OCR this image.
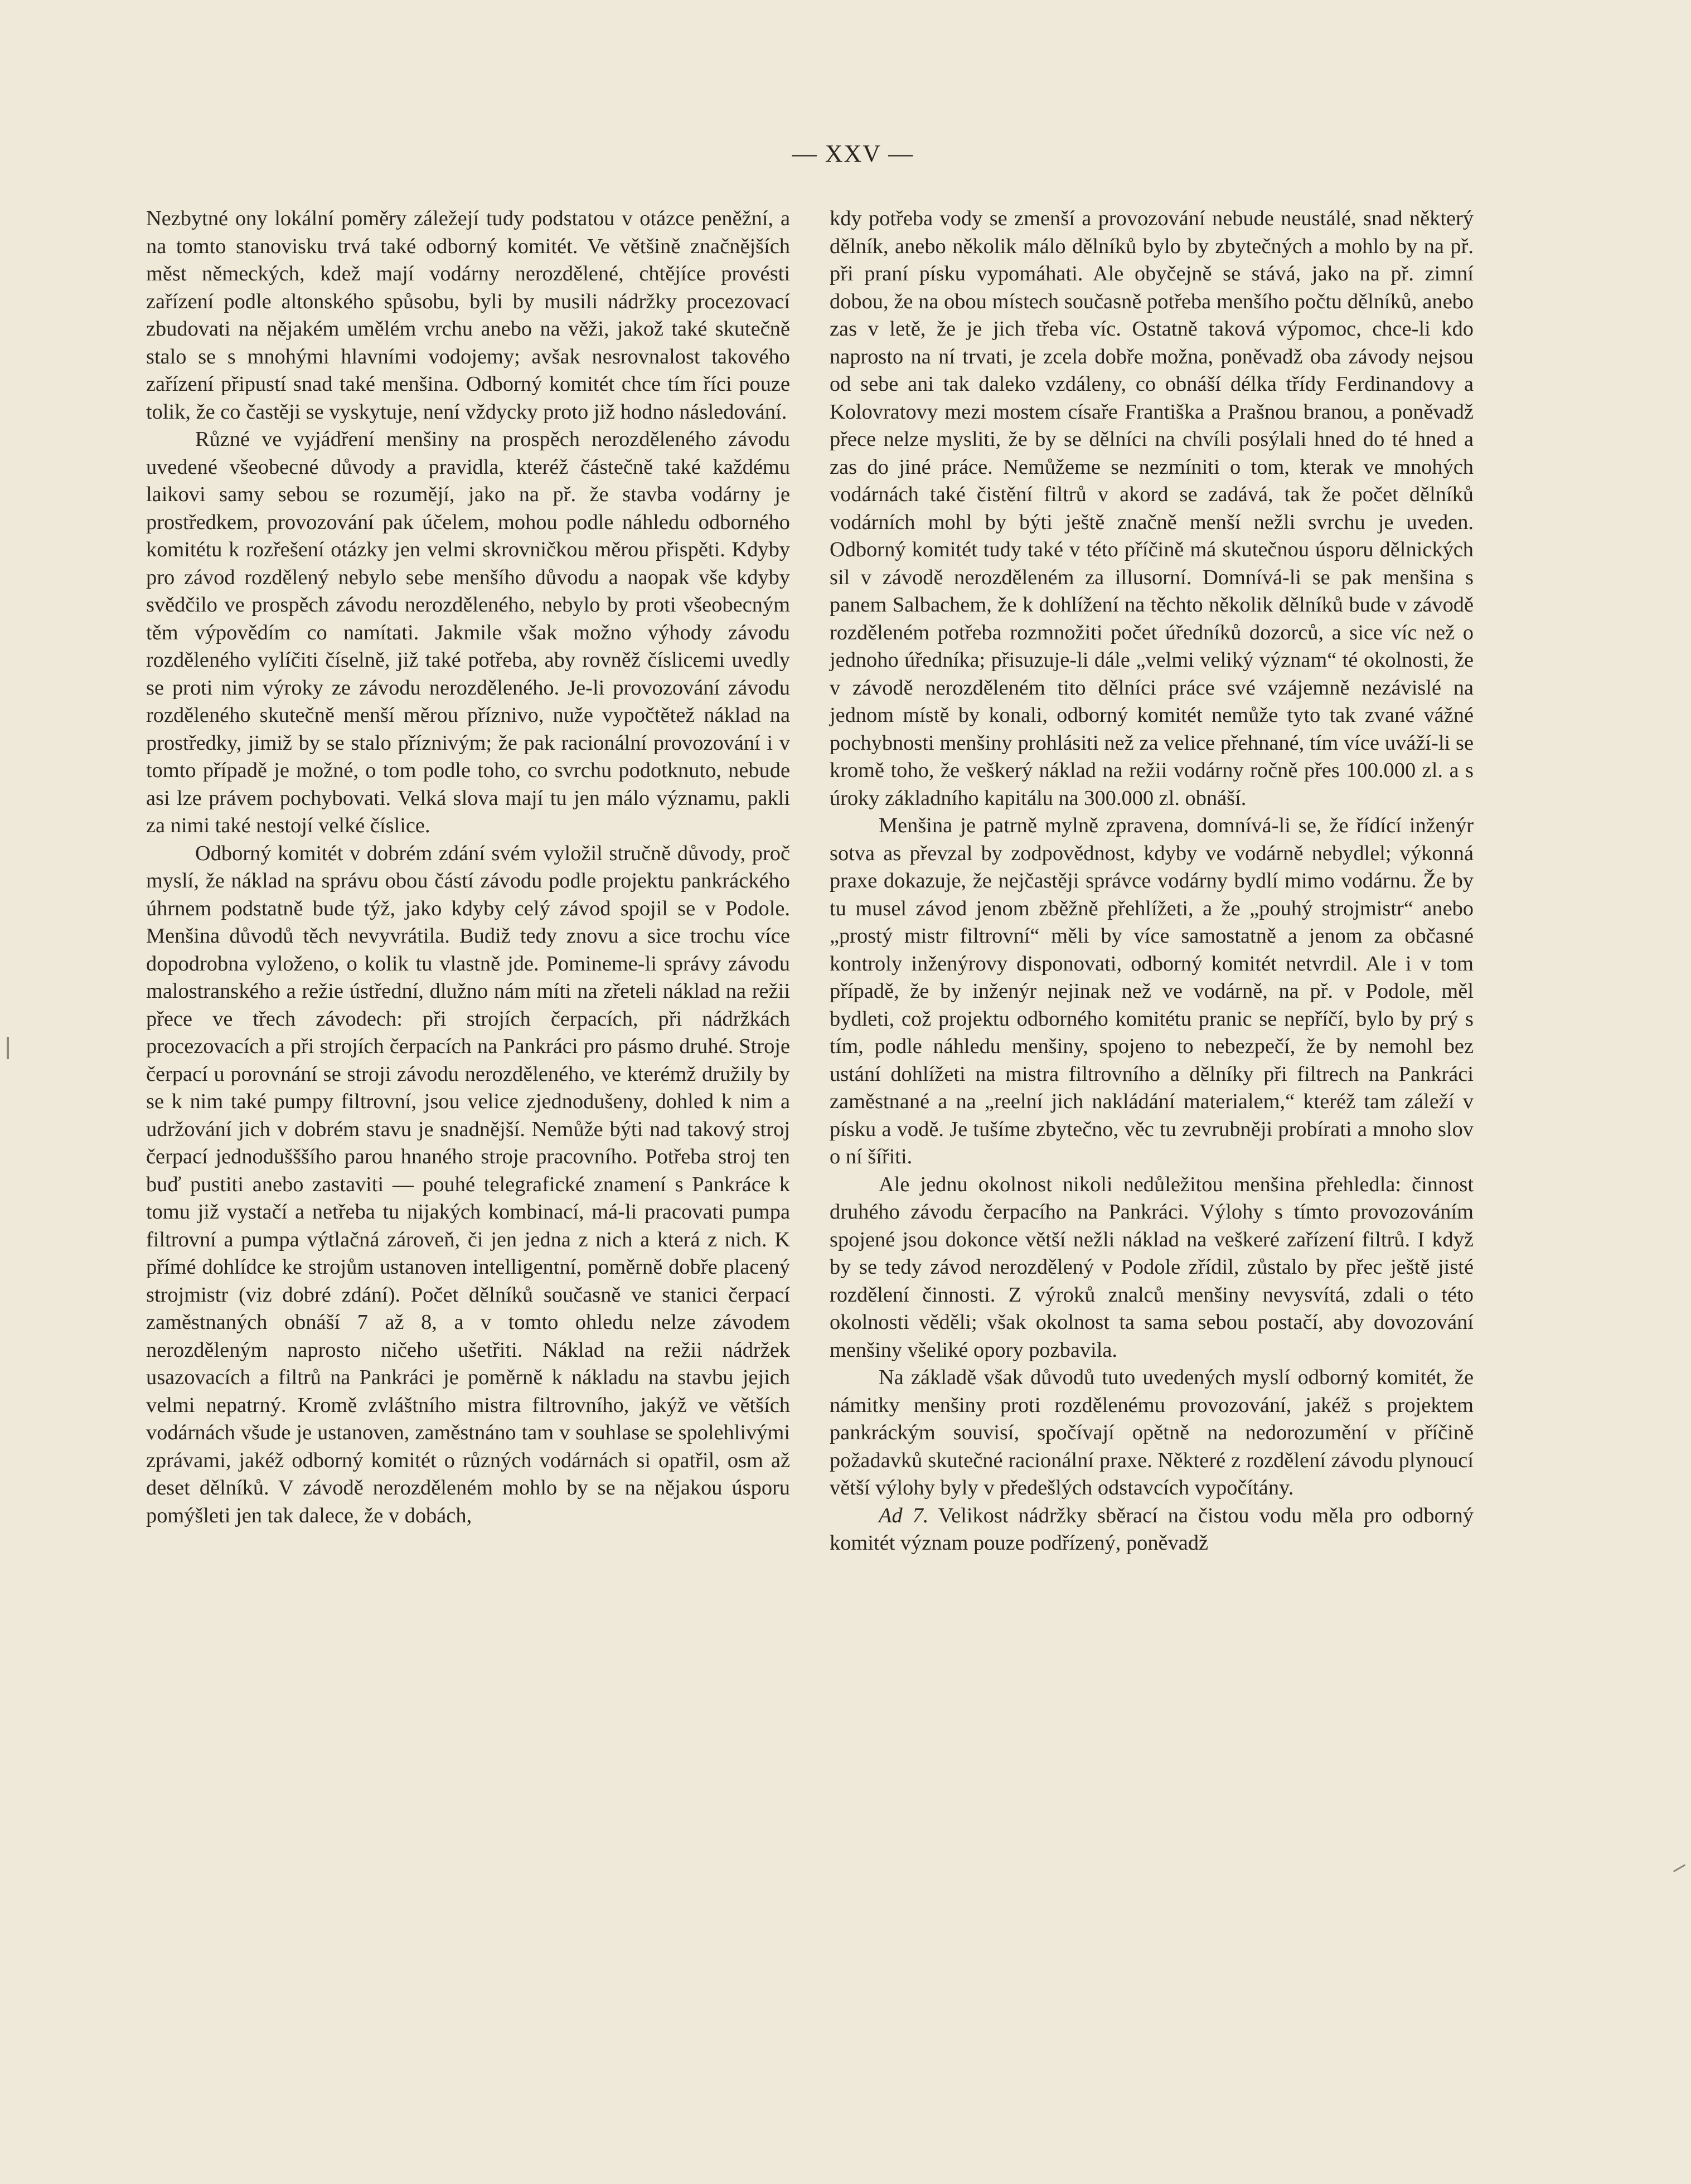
— XXV —

Nezbytné ony lokální poměry záležejí tudy podstatou v otázce peněžní, a na tomto stanovisku trvá také odborný komitét. Ve většině značnějších měst německých, kdež mají vodárny nerozdělené, chtějíce provésti zařízení podle altonského spůsobu, byli by musili nádržky procezovací zbudovati na nějakém umělém vrchu anebo na věži, jakož také skutečně stalo se s mnohými hlavními vodojemy; avšak nesrovnalost takového zařízení připustí snad také menšina. Odborný komitét chce tím říci pouze tolik, že co častěji se vyskytuje, není vždycky proto již hodno následování.

Různé ve vyjádření menšiny na prospěch nerozděleného závodu uvedené všeobecné důvody a pravidla, kteréž částečně také každému laikovi samy sebou se rozumějí, jako na př. že stavba vodárny je prostředkem, provozování pak účelem, mohou podle náhledu odborného komitétu k rozřešení otázky jen velmi skrovničkou měrou přispěti. Kdyby pro závod rozdělený nebylo sebe menšího důvodu a naopak vše kdyby svědčilo ve prospěch závodu nerozděleného, nebylo by proti všeobecným těm výpovědím co namítati. Jakmile však možno výhody závodu rozděleného vylíčiti číselně, již také potřeba, aby rovněž číslicemi uvedly se proti nim výroky ze závodu nerozděleného. Je-li provozování závodu rozděleného skutečně menší měrou příznivo, nuže vypočtětež náklad na prostředky, jimiž by se stalo příznivým; že pak racionální provozování i v tomto případě je možné, o tom podle toho, co svrchu podotknuto, nebude asi lze právem pochybovati. Velká slova mají tu jen málo významu, pakli za nimi také nestojí velké číslice.

Odborný komitét v dobrém zdání svém vyložil stručně důvody, proč myslí, že náklad na správu obou částí závodu podle projektu pankráckého úhrnem podstatně bude týž, jako kdyby celý závod spojil se v Podole. Menšina důvodů těch nevyvrátila. Budiž tedy znovu a sice trochu více dopodrobna vyloženo, o kolik tu vlastně jde. Pomineme-li správy závodu malostranského a režie ústřední, dlužno nám míti na zřeteli náklad na režii přece ve třech závodech: při strojích čerpacích, při nádržkách procezovacích a při strojích čerpacích na Pankráci pro pásmo druhé. Stroje čerpací u porovnání se stroji závodu nerozděleného, ve kterémž družily by se k nim také pumpy filtrovní, jsou velice zjednodušeny, dohled k nim a udržování jich v dobrém stavu je snadnější. Nemůže býti nad takový stroj čerpací jednodušššího parou hnaného stroje pracovního. Potřeba stroj ten buď pustiti anebo zastaviti — pouhé telegrafické znamení s Pankráce k tomu již vystačí a netřeba tu nijakých kombinací, má-li pracovati pumpa filtrovní a pumpa výtlačná zároveň, či jen jedna z nich a která z nich. K přímé dohlídce ke strojům ustanoven intelligentní, poměrně dobře placený strojmistr (viz dobré zdání). Počet dělníků současně ve stanici čerpací zaměstnaných obnáší 7 až 8, a v tomto ohledu nelze závodem nerozděleným naprosto ničeho ušetřiti. Náklad na režii nádržek usazovacích a filtrů na Pankráci je poměrně k nákladu na stavbu jejich velmi nepatrný. Kromě zvláštního mistra filtrovního, jakýž ve větších vodárnách všude je ustanoven, zaměstnáno tam v souhlase se spolehlivými zprávami, jakéž odborný komitét o různých vodárnách si opatřil, osm až deset dělníků. V závodě nerozděleném mohlo by se na nějakou úsporu pomýšleti jen tak dalece, že v dobách,

kdy potřeba vody se zmenší a provozování nebude neustálé, snad některý dělník, anebo několik málo dělníků bylo by zbytečných a mohlo by na př. při praní písku vypomáhati. Ale obyčejně se stává, jako na př. zimní dobou, že na obou místech současně potřeba menšího počtu dělníků, anebo zas v letě, že je jich třeba víc. Ostatně taková výpomoc, chce-li kdo naprosto na ní trvati, je zcela dobře možna, poněvadž oba závody nejsou od sebe ani tak daleko vzdáleny, co obnáší délka třídy Ferdinandovy a Kolovratovy mezi mostem císaře Františka a Prašnou branou, a poněvadž přece nelze mysliti, že by se dělníci na chvíli posýlali hned do té hned a zas do jiné práce. Nemůžeme se nezmíniti o tom, kterak ve mnohých vodárnách také čistění filtrů v akord se zadává, tak že počet dělníků vodárních mohl by býti ještě značně menší nežli svrchu je uveden. Odborný komitét tudy také v této příčině má skutečnou úsporu dělnických sil v závodě nerozděleném za illusorní. Domnívá-li se pak menšina s panem Salbachem, že k dohlížení na těchto několik dělníků bude v závodě rozděleném potřeba rozmnožiti počet úředníků dozorců, a sice víc než o jednoho úředníka; přisuzuje-li dále „velmi veliký význam“ té okolnosti, že v závodě nerozděleném tito dělníci práce své vzájemně nezávislé na jednom místě by konali, odborný komitét nemůže tyto tak zvané vážné pochybnosti menšiny prohlásiti než za velice přehnané, tím více uváží-li se kromě toho, že veškerý náklad na režii vodárny ročně přes 100.000 zl. a s úroky základního kapitálu na 300.000 zl. obnáší.

Menšina je patrně mylně zpravena, domnívá-li se, že řídící inženýr sotva as převzal by zodpovědnost, kdyby ve vodárně nebydlel; výkonná praxe dokazuje, že nejčastěji správce vodárny bydlí mimo vodárnu. Že by tu musel závod jenom zběžně přehlížeti, a že „pouhý strojmistr“ anebo „prostý mistr filtrovní“ měli by více samostatně a jenom za občasné kontroly inženýrovy disponovati, odborný komitét netvrdil. Ale i v tom případě, že by inženýr nejinak než ve vodárně, na př. v Podole, měl bydleti, což projektu odborného komitétu pranic se nepříčí, bylo by prý s tím, podle náhledu menšiny, spojeno to nebezpečí, že by nemohl bez ustání dohlížeti na mistra filtrovního a dělníky při filtrech na Pankráci zaměstnané a na „reelní jich nakládání materialem,“ kteréž tam záleží v písku a vodě. Je tušíme zbytečno, věc tu zevrubněji probírati a mnoho slov o ní šířiti.

Ale jednu okolnost nikoli nedůležitou menšina přehledla: činnost druhého závodu čerpacího na Pankráci. Výlohy s tímto provozováním spojené jsou dokonce větší nežli náklad na veškeré zařízení filtrů. I když by se tedy závod nerozdělený v Podole zřídil, zůstalo by přec ještě jisté rozdělení činnosti. Z výroků znalců menšiny nevysvítá, zdali o této okolnosti věděli; však okolnost ta sama sebou postačí, aby dovozování menšiny všeliké opory pozbavila.

Na základě však důvodů tuto uvedených myslí odborný komitét, že námitky menšiny proti rozdělenému provozování, jakéž s projektem pankráckým souvisí, spočívají opětně na nedorozumění v příčině požadavků skutečné racionální praxe. Některé z rozdělení závodu plynoucí větší výlohy byly v předešlých odstavcích vypočítány.

Ad 7. Velikost nádržky sběrací na čistou vodu měla pro odborný komitét význam pouze podřízený, poněvadž
